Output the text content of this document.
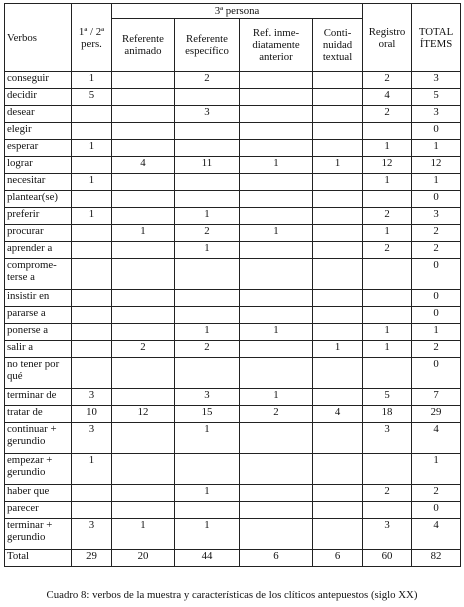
Verbos	1ª / 2ª pers.	3ª persona				Registro oral	TOTAL ÍTEMS
		Referente animado	Referente específico	Ref. inme-diatamente anterior	Conti-nuidad textual		
conseguir	1		2			2	3
decidir	5					4	5
desear			3			2	3
elegir							0
esperar	1					1	1
lograr		4	11	1	1	12	12
necesitar	1					1	1
plantear(se)							0
preferir	1		1			2	3
procurar		1	2	1		1	2
aprender a			1			2	2
comprome-terse a							0
insistir en							0
pararse a							0
ponerse a			1	1		1	1
salir a		2	2		1	1	2
no tener por qué							0
terminar de	3		3	1		5	7
tratar de	10	12	15	2	4	18	29
continuar + gerundio	3		1			3	4
empezar + gerundio	1						1
haber que			1			2	2
parecer							0
terminar + gerundio	3	1	1			3	4
Total	29	20	44	6	6	60	82
Cuadro 8: verbos de la muestra y características de los clíticos antepuestos (siglo XX)
